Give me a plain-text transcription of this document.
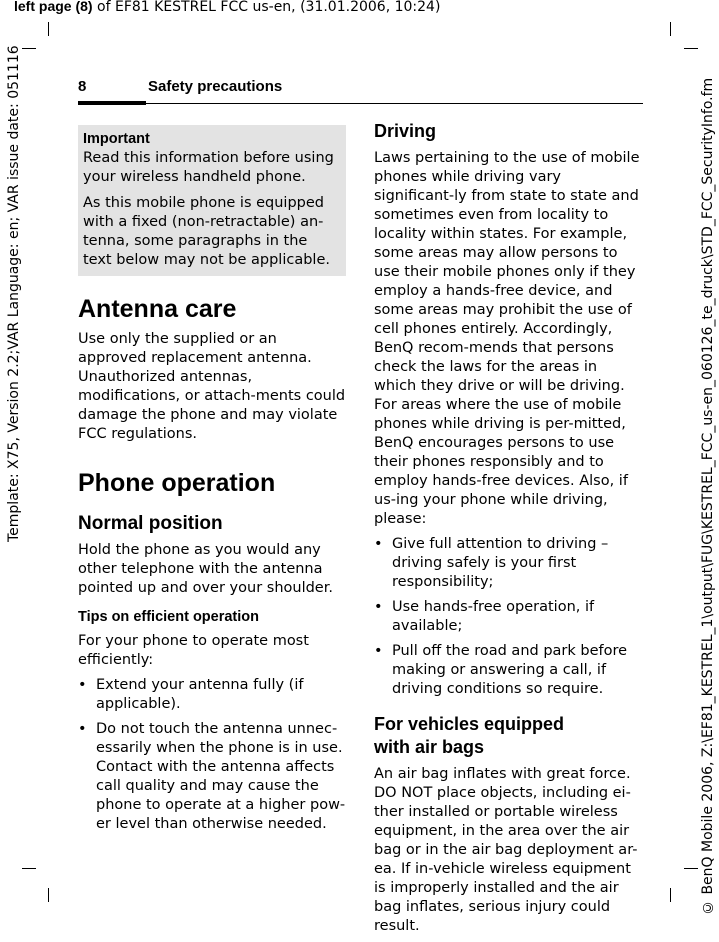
left page (8) of EF81 KESTREL FCC us-en, (31.01.2006, 10:24)
Template: X75, Version 2.2;VAR Language: en; VAR issue date: 051116	© BenQ Mobile 2006, Z:\EF81_KESTREL_1\output\FUG\KESTREL_FCC_us-en_060126_te_druck\STD_FCC_SecurityInfo.fm
8	Safety precautions
Important

Read this information before using your wireless handheld phone.

As this mobile phone is equipped with a fixed (non-retractable) an-tenna, some paragraphs in the text below may not be applicable.

Antenna care

Use only the supplied or an approved replacement antenna. Unauthorized antennas, modifications, or attach-ments could damage the phone and may violate FCC regulations.

Phone operation
Normal position

Hold the phone as you would any other telephone with the antenna pointed up and over your shoulder.

Tips on efficient operation

For your phone to operate most efficiently:

• Extend your antenna fully (if applicable).
• Do not touch the antenna unnec-essarily when the phone is in use. Contact with the antenna affects call quality and may cause the phone to operate at a higher pow-er level than otherwise needed.
Driving

Laws pertaining to the use of mobile phones while driving vary significant-ly from state to state and sometimes even from locality to locality within states. For example, some areas may allow persons to use their mobile phones only if they employ a hands-free device, and some areas may prohibit the use of cell phones entirely. Accordingly, BenQ recom-mends that persons check the laws for the areas in which they drive or will be driving. For areas where the use of mobile phones while driving is per-mitted, BenQ encourages persons to use their phones responsibly and to employ hands-free devices. Also, if us-ing your phone while driving, please:

• Give full attention to driving – driving safely is your first responsibility;
• Use hands-free operation, if available;
• Pull off the road and park before making or answering a call, if driving conditions so require.
For vehicles equipped with air bags

An air bag inflates with great force. DO NOT place objects, including ei-ther installed or portable wireless equipment, in the area over the air bag or in the air bag deployment ar-ea. If in-vehicle wireless equipment is improperly installed and the air bag inflates, serious injury could result.
